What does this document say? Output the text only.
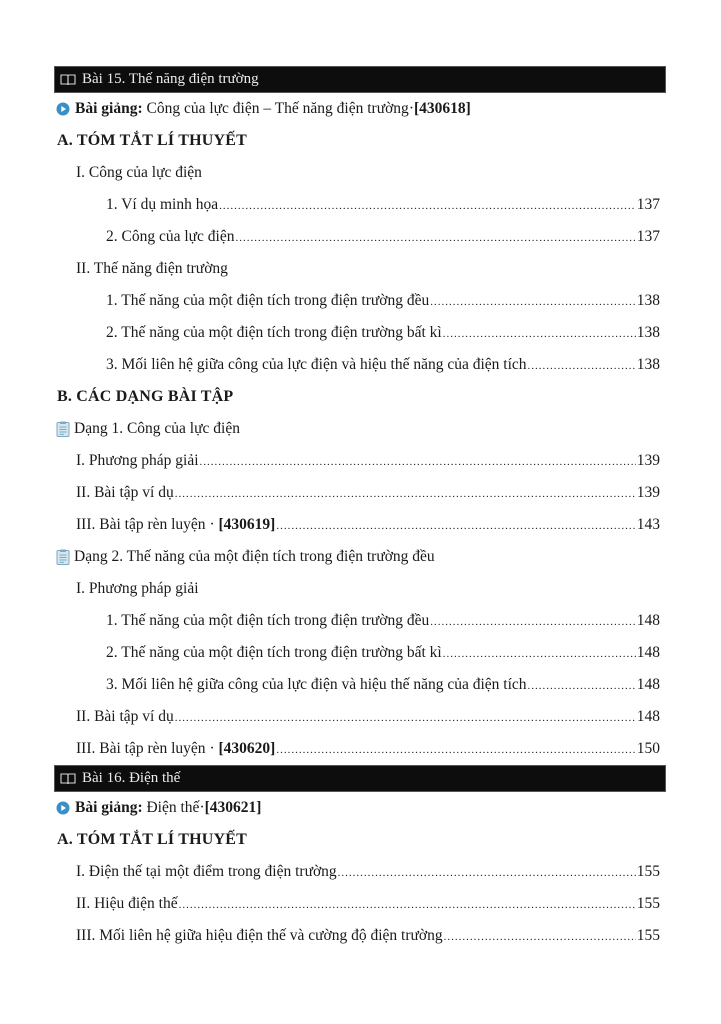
Bài 15. Thế năng điện trường
Bài giảng:
Công của lực điện – Thế năng điện trường · [430618]
A. TÓM TẮT LÍ THUYẾT
I. Công của lực điện
1. Ví dụ minh họa .....	137
2. Công của lực điện .....	137
II. Thế năng điện trường
1. Thế năng của một điện tích trong điện trường đều .....	138
2. Thế năng của một điện tích trong điện trường bất kì .....	138
3. Mối liên hệ giữa công của lực điện và hiệu thế năng của điện tích .....	138
B. CÁC DẠNG BÀI TẬP
Dạng 1. Công của lực điện
I. Phương pháp giải .....	139
II. Bài tập ví dụ .....	139
III. Bài tập rèn luyện · [430619] .....	143
Dạng 2. Thế năng của một điện tích trong điện trường đều
I. Phương pháp giải
1. Thế năng của một điện tích trong điện trường đều .....	148
2. Thế năng của một điện tích trong điện trường bất kì .....	148
3. Mối liên hệ giữa công của lực điện và hiệu thế năng của điện tích .....	148
II. Bài tập ví dụ .....	148
III. Bài tập rèn luyện · [430620] .....	150
Bài 16. Điện thế
Bài giảng:
Điện thế · [430621]
A. TÓM TẮT LÍ THUYẾT
I. Điện thế tại một điểm trong điện trường .....	155
II. Hiệu điện thế .....	155
III. Mối liên hệ giữa hiệu điện thế và cường độ điện trường .....	155
